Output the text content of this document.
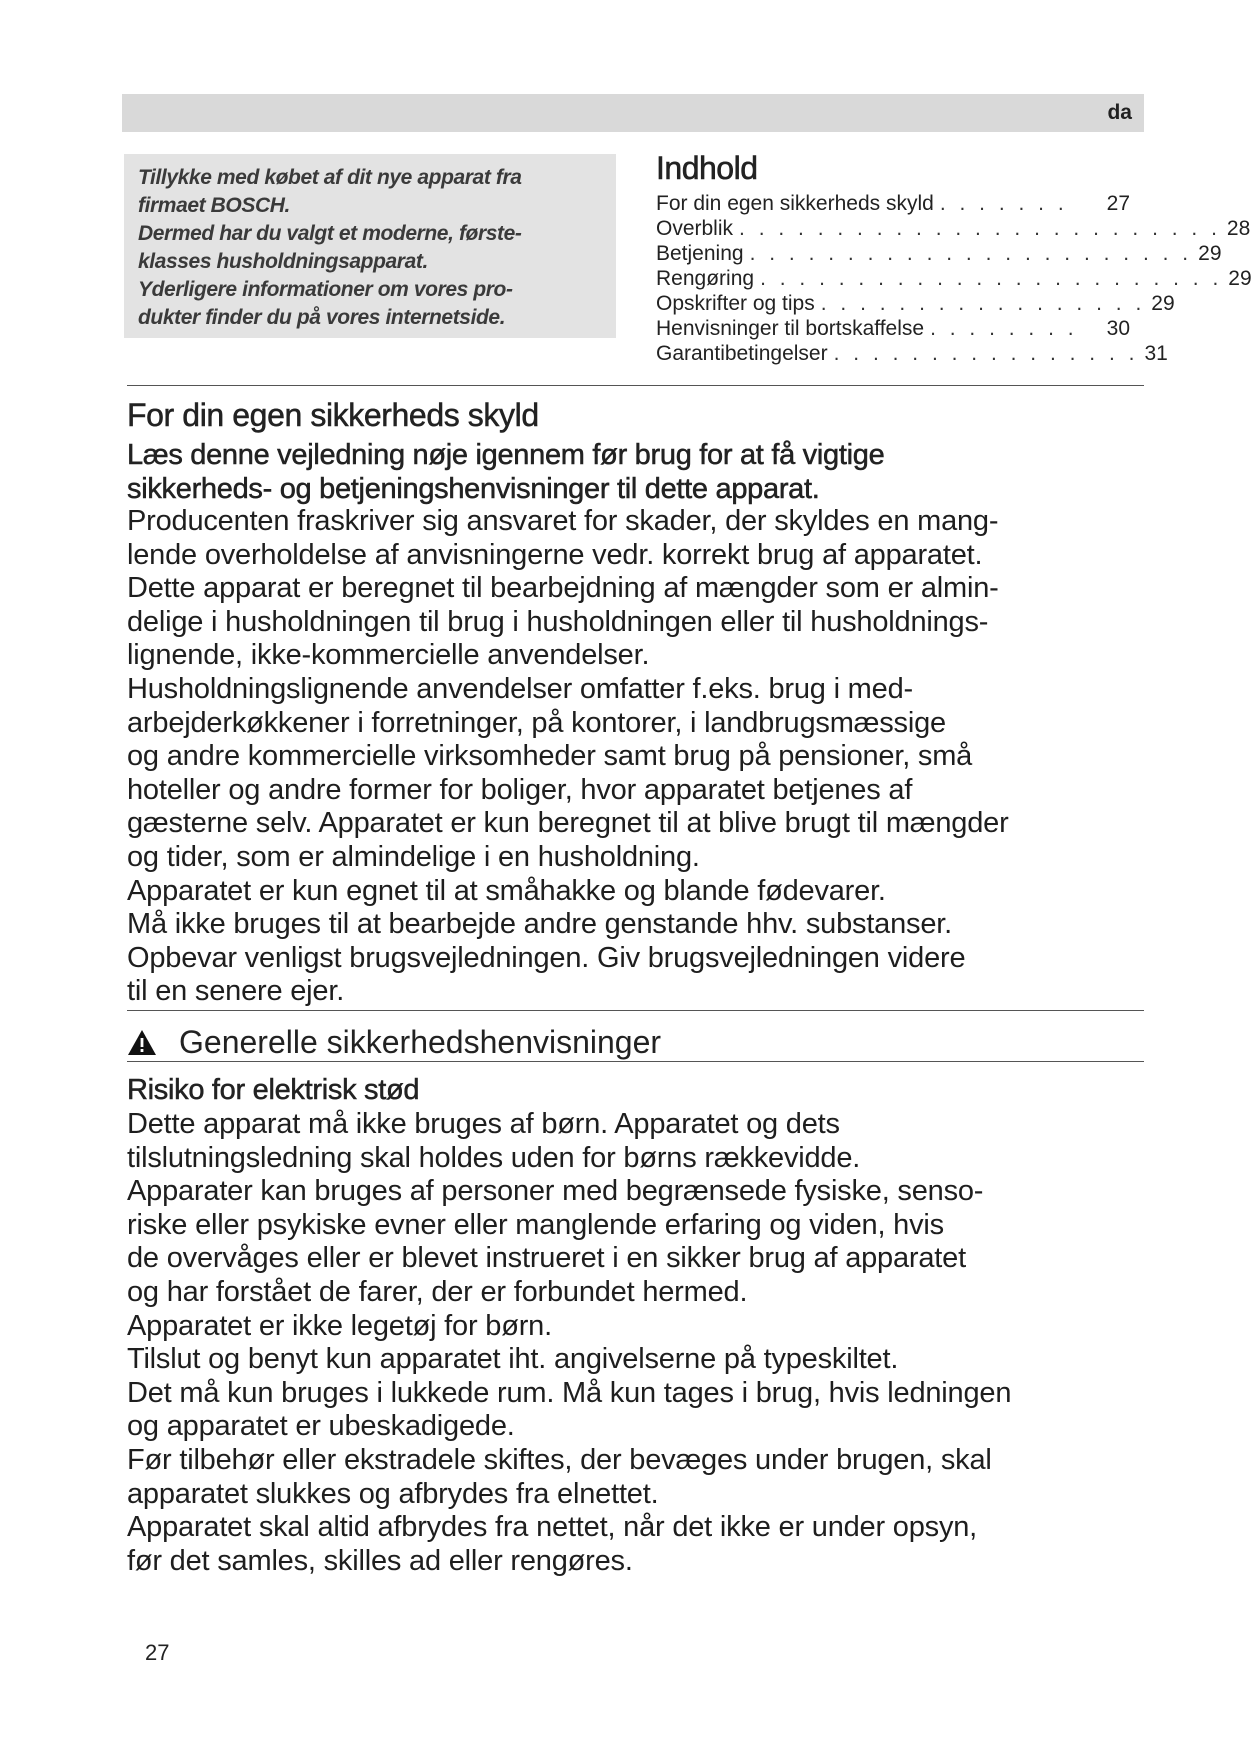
da

Tillykke med købet af dit nye apparat fra

firmaet BOSCH.

Dermed har du valgt et moderne, første-

klasses husholdningsapparat.

Yderligere informationer om vores pro-

dukter finder du på vores internetside.

Indhold
For din egen sikkerheds skyld . . . . . . .	27
Overblik . . . . . . . . . . . . . . . . . . . . . . . . . 28
Betjening . . . . . . . . . . . . . . . . . . . . . . . 29
Rengøring . . . . . . . . . . . . . . . . . . . . . . . . 29
Opskrifter og tips . . . . . . . . . . . . . . . . . 29
Henvisninger til bortskaffelse . . . . . . . .	30
Garantibetingelser . . . . . . . . . . . . . . . . 31
For din egen sikkerheds skyld
Læs denne vejledning nøje igennem før brug for at få vigtige
sikkerheds- og betjeningshenvisninger til dette apparat.

Producenten fraskriver sig ansvaret for skader, der skyldes en mang-

lende overholdelse af anvisningerne vedr. korrekt brug af apparatet.

Dette apparat er beregnet til bearbejdning af mængder som er almin-

delige i husholdningen til brug i husholdningen eller til husholdnings-

lignende, ikke-kommercielle anvendelser.

Husholdningslignende anvendelser omfatter f.eks. brug i med-

arbejderkøkkener i forretninger, på kontorer, i landbrugsmæssige

og andre kommercielle virksomheder samt brug på pensioner, små

hoteller og andre former for boliger, hvor apparatet betjenes af

gæsterne selv. Apparatet er kun beregnet til at blive brugt til mængder

og tider, som er almindelige i en husholdning.

Apparatet er kun egnet til at småhakke og blande fødevarer.

Må ikke bruges til at bearbejde andre genstande hhv. substanser.

Opbevar venligst brugsvejledningen. Giv brugsvejledningen videre

til en senere ejer.

Generelle sikkerhedshenvisninger
Risiko for elektrisk stød

Dette apparat må ikke bruges af børn. Apparatet og dets

tilslutningsledning skal holdes uden for børns rækkevidde.

Apparater kan bruges af personer med begrænsede fysiske, senso-

riske eller psykiske evner eller manglende erfaring og viden, hvis

de overvåges eller er blevet instrueret i en sikker brug af apparatet

og har forstået de farer, der er forbundet hermed.

Apparatet er ikke legetøj for børn.

Tilslut og benyt kun apparatet iht. angivelserne på typeskiltet.

Det må kun bruges i lukkede rum. Må kun tages i brug, hvis ledningen

og apparatet er ubeskadigede.

Før tilbehør eller ekstradele skiftes, der bevæges under brugen, skal

apparatet slukkes og afbrydes fra elnettet.

Apparatet skal altid afbrydes fra nettet, når det ikke er under opsyn,

før det samles, skilles ad eller rengøres.

27
